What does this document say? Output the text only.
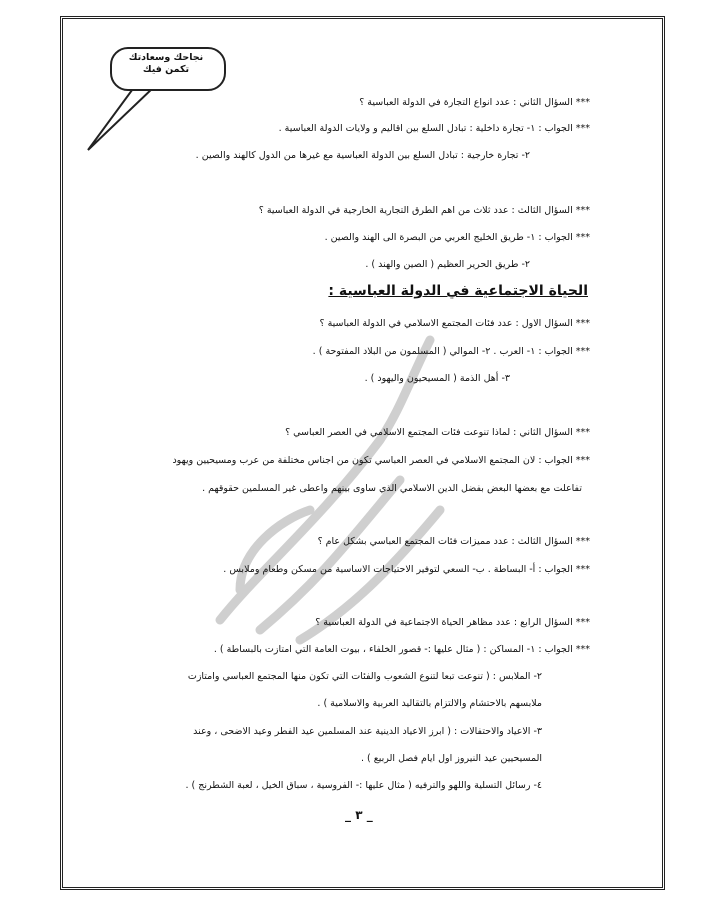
نجاحك وسعادتك تكمن فيك
*** السؤال الثاني : عدد انواع التجارة في الدولة العباسية ؟
*** الجواب : ١- تجارة داخلية : تبادل السلع بين اقاليم و ولايات الدولة العباسية .
٢- تجارة خارجية : تبادل السلع بين الدولة العباسية مع غيرها من الدول كالهند والصين .
*** السؤال الثالث : عدد ثلاث من اهم الطرق التجارية الخارجية في الدولة العباسية ؟
*** الجواب : ١- طريق الخليج العربي من البصرة الى الهند والصين .
٢- طريق الحرير العظيم ( الصين والهند ) .
الحياة الاجتماعية في الدولة العباسية :
*** السؤال الاول : عدد فئات المجتمع الاسلامي في الدولة العباسية ؟
*** الجواب : ١- العرب . ٢- الموالي ( المسلمون من البلاد المفتوحة ) .
٣- أهل الذمة ( المسيحيون واليهود ) .
*** السؤال الثاني : لماذا تنوعت فئات المجتمع الاسلامي في العصر العباسي ؟
*** الجواب : لان المجتمع الاسلامي في العصر العباسي تكون من اجناس مختلفة من عرب ومسيحيين ويهود
تفاعلت مع بعضها البعض بفضل الدين الاسلامي الذي ساوى بينهم واعطى غير المسلمين حقوقهم .
*** السؤال الثالث : عدد مميزات فئات المجتمع العباسي بشكل عام ؟
*** الجواب : أ- البساطة . ب- السعي لتوفير الاحتياجات الاساسية من مسكن وطعام وملابس .
*** السؤال الرابع : عدد مظاهر الحياة الاجتماعية في الدولة العباسية ؟
*** الجواب : ١- المساكن : ( مثال عليها :- قصور الخلفاء ، بيوت العامة التي امتازت بالبساطة ) .
٢- الملابس : ( تنوعت تبعا لتنوع الشعوب والفئات التي تكون منها المجتمع العباسي وامتازت
ملابسهم بالاحتشام والالتزام بالتقاليد العربية والاسلامية ) .
٣- الاعياد والاحتفالات : ( ابرز الاعياد الدينية عند المسلمين عيد الفطر وعيد الاضحى ، وعند
المسيحيين عيد النيروز اول ايام فصل الربيع ) .
٤- رسائل التسلية واللهو والترفيه ( مثال عليها :- الفروسية ، سباق الخيل ، لعبة الشطرنج ) .
_ ٣ _
